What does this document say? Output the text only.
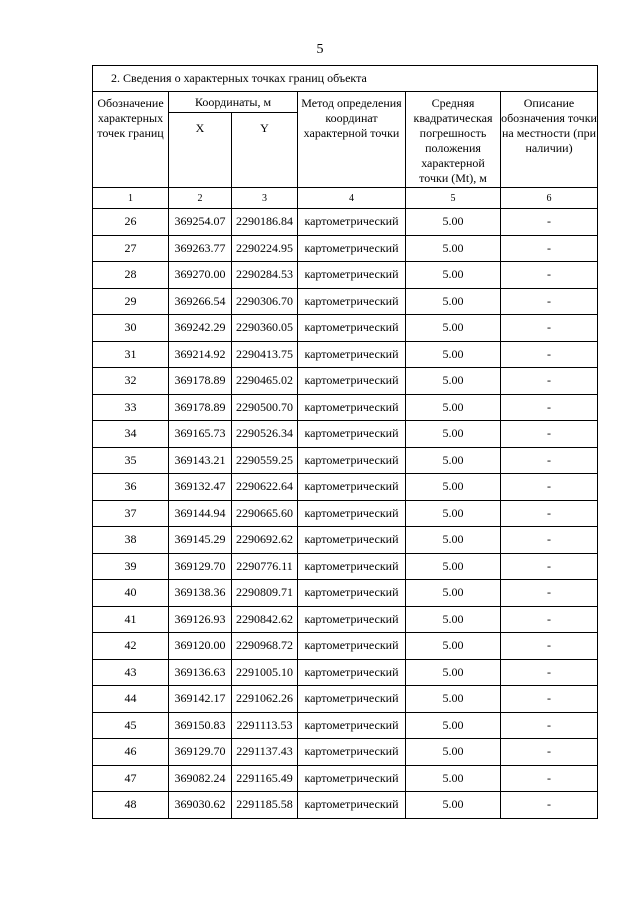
5
2. Сведения о характерных точках границ объекта					
Обозначение характерных точек границ	Координаты, м		Метод определения координат характерной точки	Средняя квадратическая погрешность положения характерной точки (Mt), м	Описание обозначения точки на местности (при наличии)
	X	Y			
1	2	3	4	5	6
26	369254.07	2290186.84	картометрический	5.00	-
27	369263.77	2290224.95	картометрический	5.00	-
28	369270.00	2290284.53	картометрический	5.00	-
29	369266.54	2290306.70	картометрический	5.00	-
30	369242.29	2290360.05	картометрический	5.00	-
31	369214.92	2290413.75	картометрический	5.00	-
32	369178.89	2290465.02	картометрический	5.00	-
33	369178.89	2290500.70	картометрический	5.00	-
34	369165.73	2290526.34	картометрический	5.00	-
35	369143.21	2290559.25	картометрический	5.00	-
36	369132.47	2290622.64	картометрический	5.00	-
37	369144.94	2290665.60	картометрический	5.00	-
38	369145.29	2290692.62	картометрический	5.00	-
39	369129.70	2290776.11	картометрический	5.00	-
40	369138.36	2290809.71	картометрический	5.00	-
41	369126.93	2290842.62	картометрический	5.00	-
42	369120.00	2290968.72	картометрический	5.00	-
43	369136.63	2291005.10	картометрический	5.00	-
44	369142.17	2291062.26	картометрический	5.00	-
45	369150.83	2291113.53	картометрический	5.00	-
46	369129.70	2291137.43	картометрический	5.00	-
47	369082.24	2291165.49	картометрический	5.00	-
48	369030.62	2291185.58	картометрический	5.00	-
